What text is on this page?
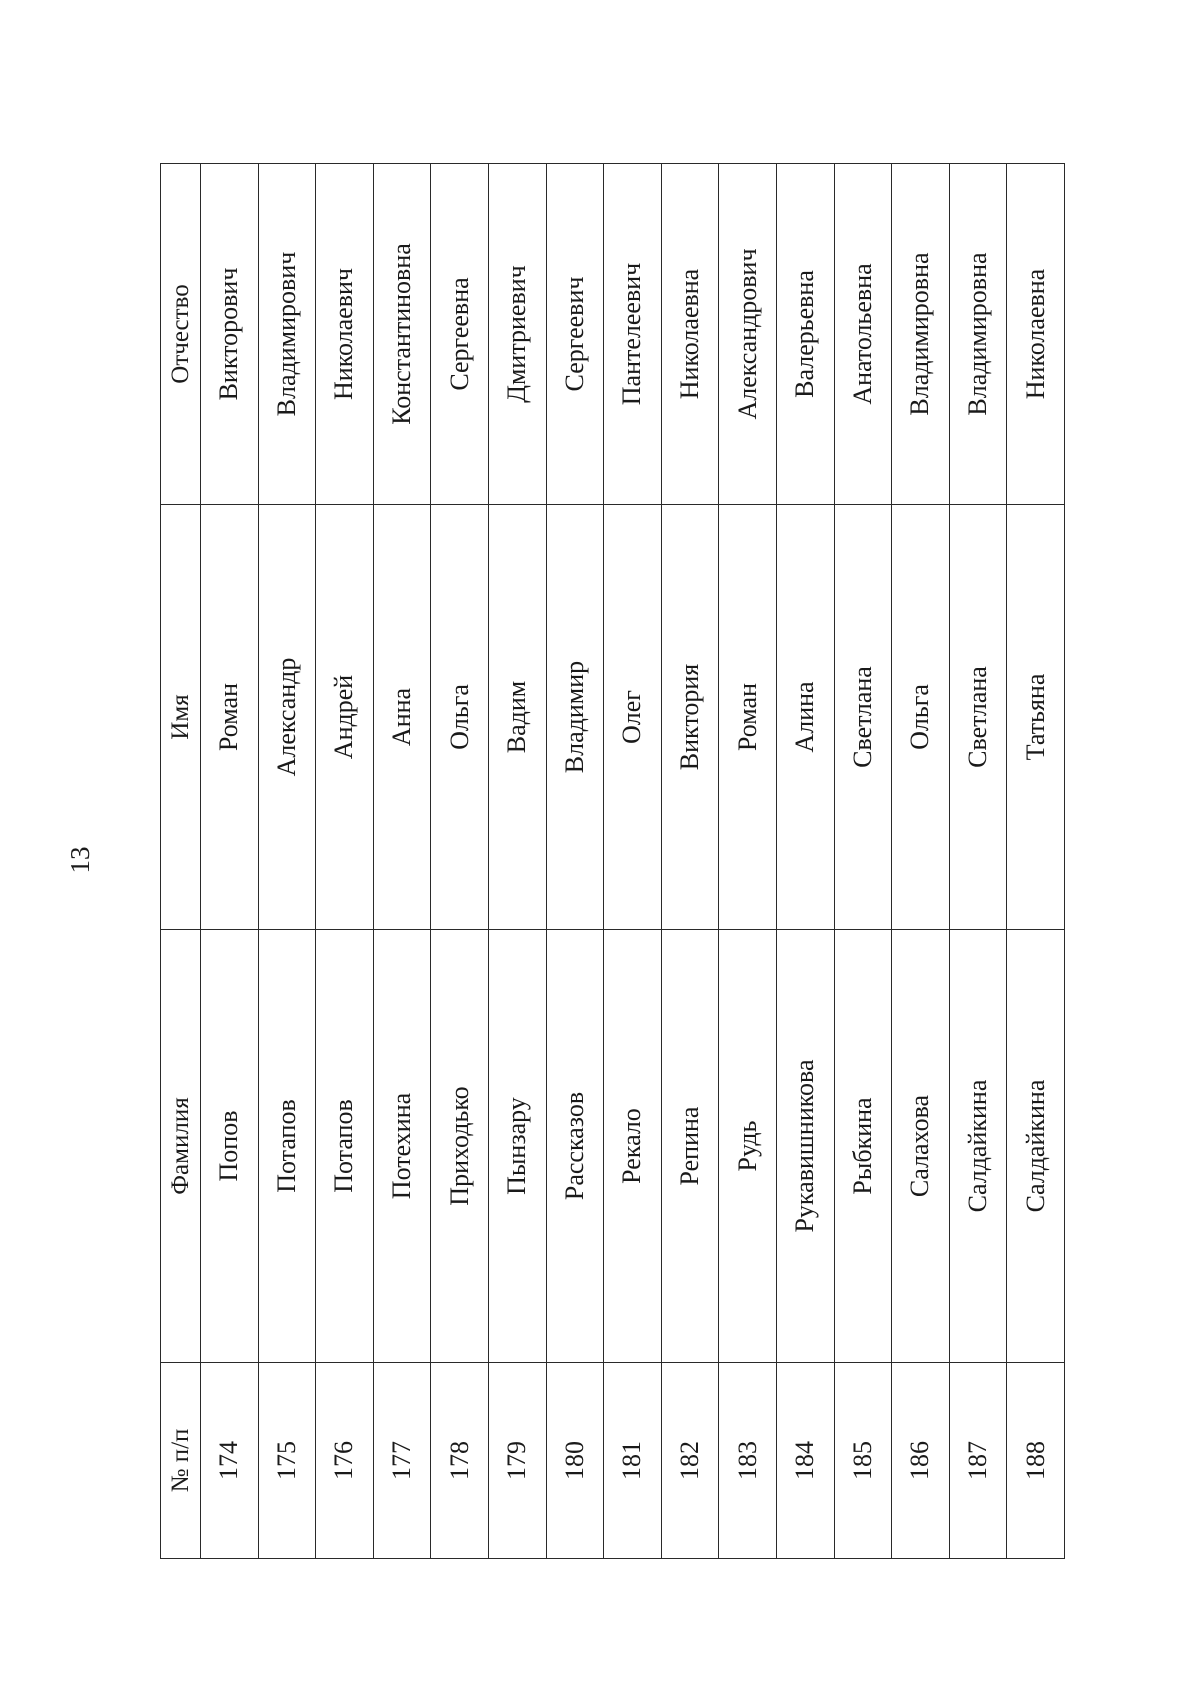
13
№ п/п	Фамилия	Имя	Отчество
174	Попов	Роман	Викторович
175	Потапов	Александр	Владимирович
176	Потапов	Андрей	Николаевич
177	Потехина	Анна	Константиновна
178	Приходько	Ольга	Сергеевна
179	Пынзару	Вадим	Дмитриевич
180	Рассказов	Владимир	Сергеевич
181	Рекало	Олег	Пантелеевич
182	Репина	Виктория	Николаевна
183	Рудь	Роман	Александрович
184	Рукавишникова	Алина	Валерьевна
185	Рыбкина	Светлана	Анатольевна
186	Салахова	Ольга	Владимировна
187	Салдайкина	Светлана	Владимировна
188	Салдайкина	Татьяна	Николаевна
